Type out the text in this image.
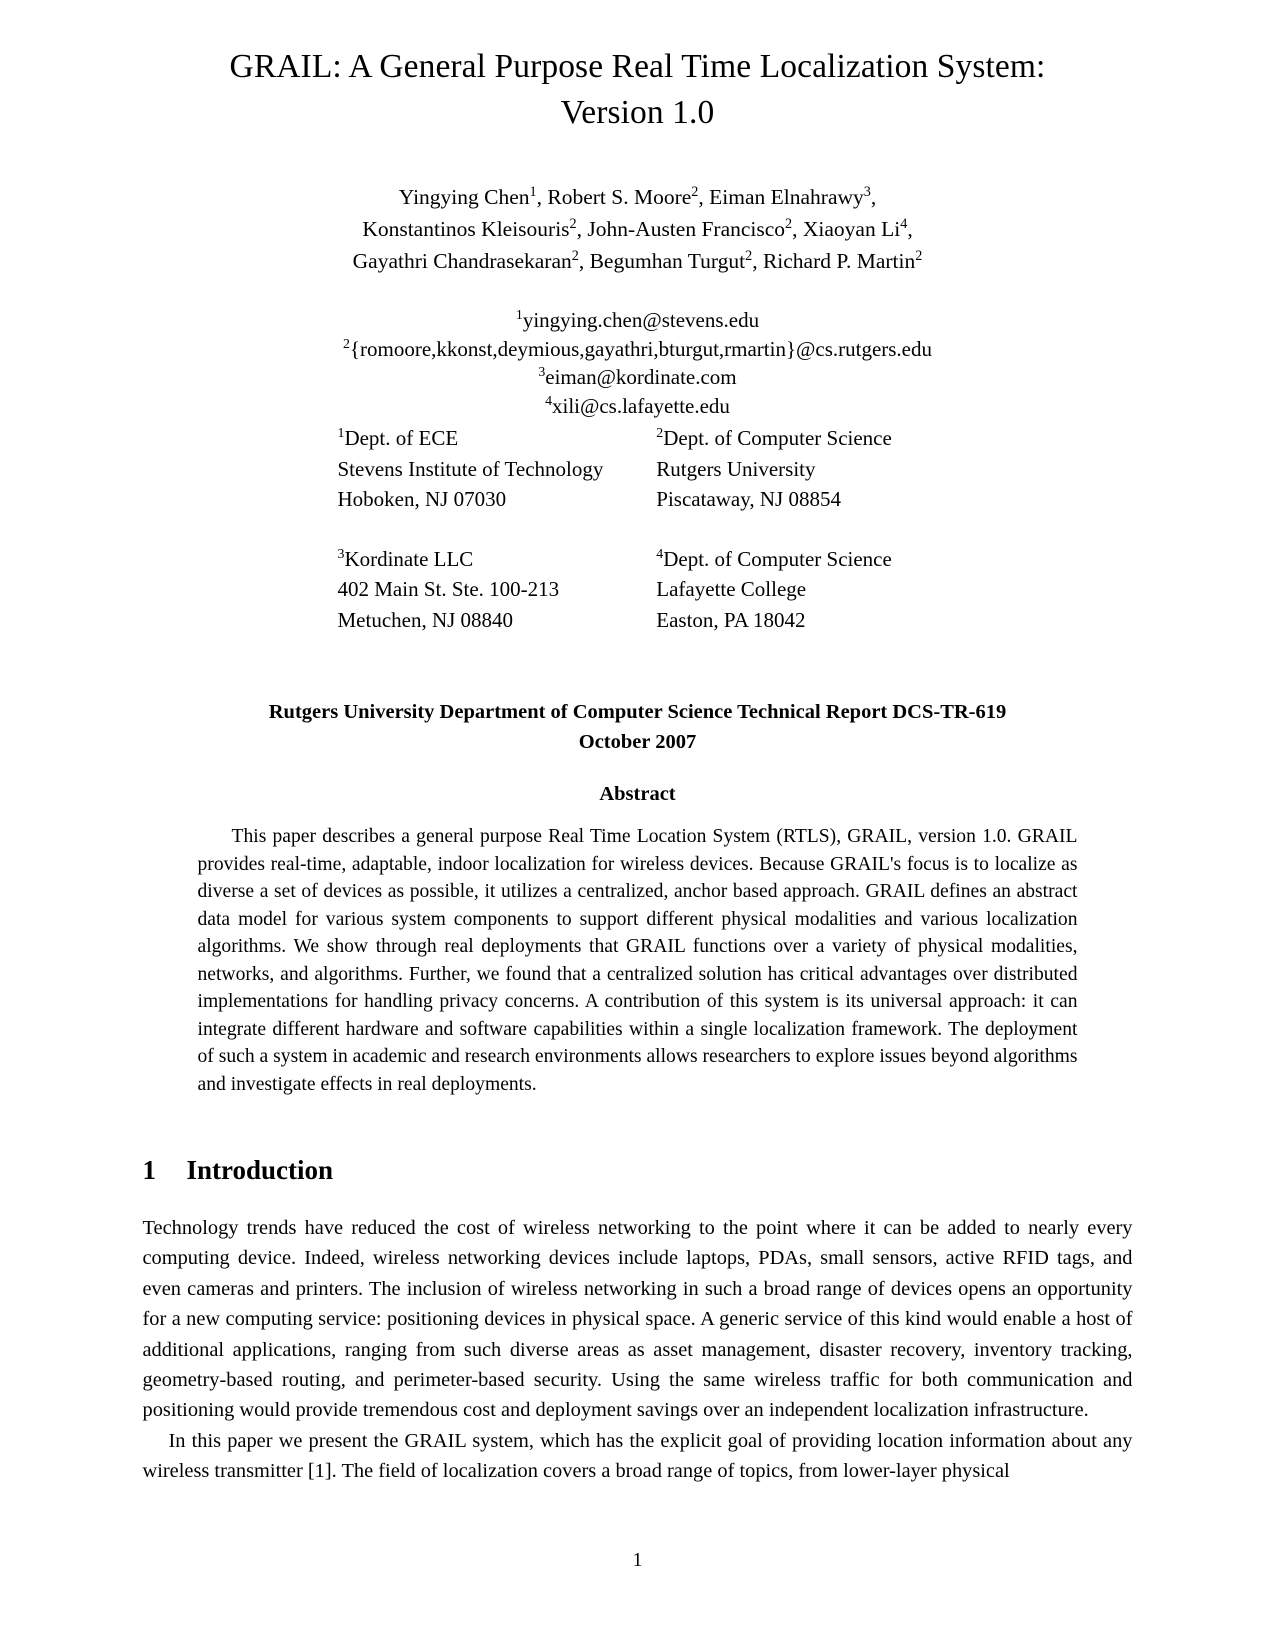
GRAIL: A General Purpose Real Time Localization System:
Version 1.0
Yingying Chen$^1$, Robert S. Moore$^2$, Eiman Elnahrawy$^3$,
Konstantinos Kleisouris$^2$, John-Austen Francisco$^2$, Xiaoyan Li$^4$,
Gayathri Chandrasekaran$^2$, Begumhan Turgut$^2$, Richard P. Martin$^2$
$^1$yingying.chen@stevens.edu
$^2${romoore,kkonst,deymious,gayathri,bturgut,rmartin}@cs.rutgers.edu
$^3$eiman@kordinate.com
$^4$xili@cs.lafayette.edu
$^1$Dept. of ECE
Stevens Institute of Technology
Hoboken, NJ 07030
$^2$Dept. of Computer Science
Rutgers University
Piscataway, NJ 08854
$^3$Kordinate LLC
402 Main St. Ste. 100-213
Metuchen, NJ 08840
$^4$Dept. of Computer Science
Lafayette College
Easton, PA 18042
Rutgers University Department of Computer Science Technical Report DCS-TR-619
October 2007
Abstract
This paper describes a general purpose Real Time Location System (RTLS), GRAIL, version 1.0. GRAIL provides real-time, adaptable, indoor localization for wireless devices. Because GRAIL's focus is to localize as diverse a set of devices as possible, it utilizes a centralized, anchor based approach. GRAIL defines an abstract data model for various system components to support different physical modalities and various localization algorithms. We show through real deployments that GRAIL functions over a variety of physical modalities, networks, and algorithms. Further, we found that a centralized solution has critical advantages over distributed implementations for handling privacy concerns. A contribution of this system is its universal approach: it can integrate different hardware and software capabilities within a single localization framework. The deployment of such a system in academic and research environments allows researchers to explore issues beyond algorithms and investigate effects in real deployments.
1 Introduction

Technology trends have reduced the cost of wireless networking to the point where it can be added to nearly every computing device. Indeed, wireless networking devices include laptops, PDAs, small sensors, active RFID tags, and even cameras and printers. The inclusion of wireless networking in such a broad range of devices opens an opportunity for a new computing service: positioning devices in physical space. A generic service of this kind would enable a host of additional applications, ranging from such diverse areas as asset management, disaster recovery, inventory tracking, geometry-based routing, and perimeter-based security. Using the same wireless traffic for both communication and positioning would provide tremendous cost and deployment savings over an independent localization infrastructure.

In this paper we present the GRAIL system, which has the explicit goal of providing location information about any wireless transmitter [1]. The field of localization covers a broad range of topics, from lower-layer physical

1
